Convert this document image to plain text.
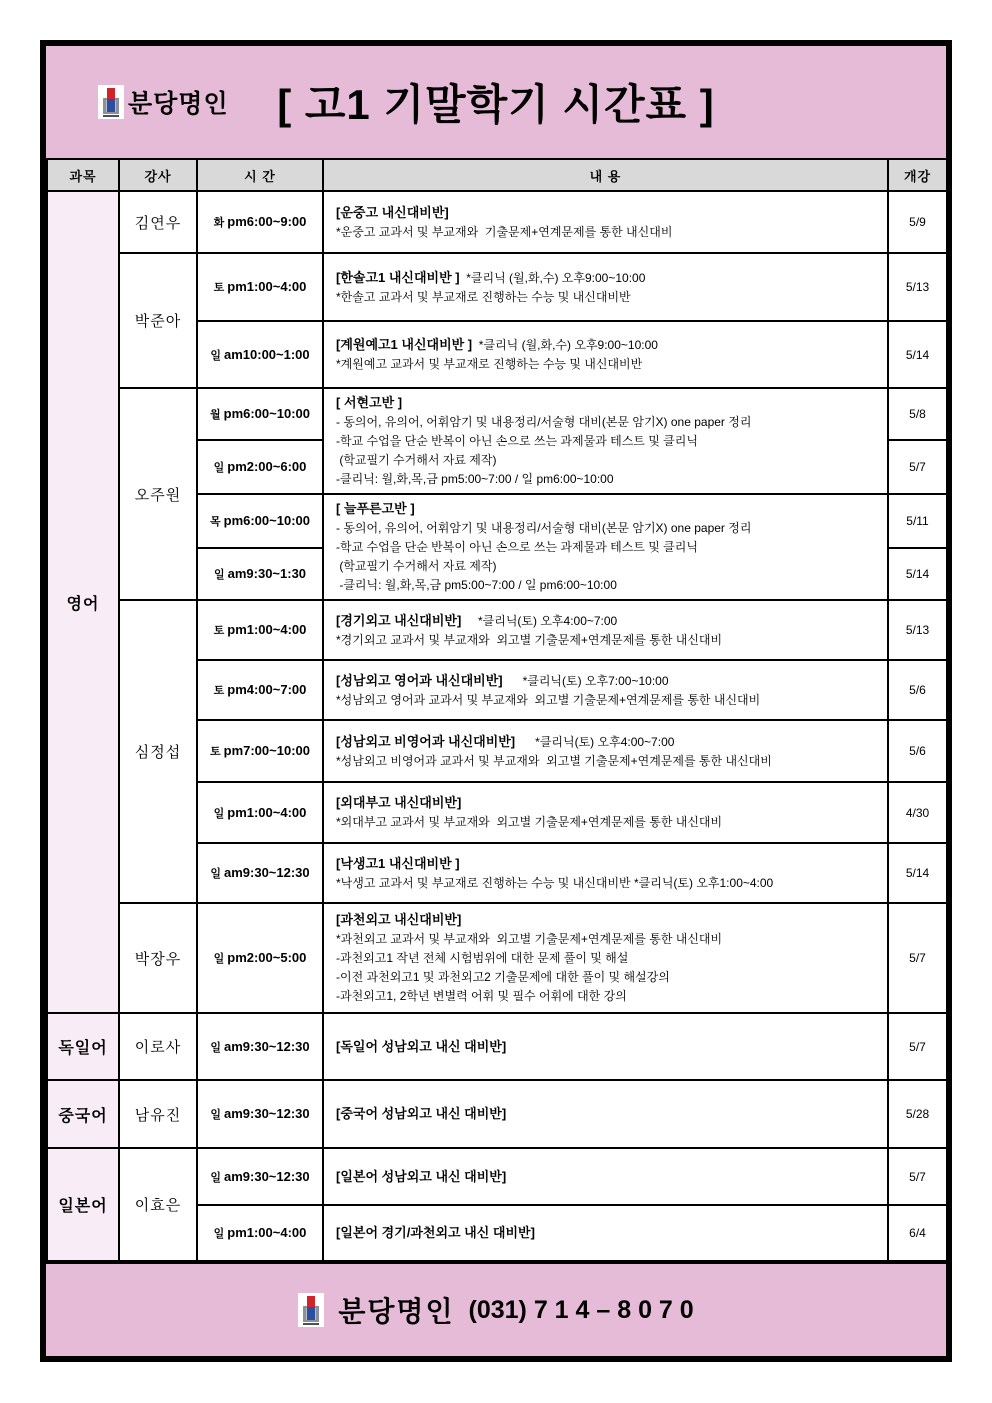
분당명인	[ 고1 기말학기 시간표 ]
과목	강사	시 간	내 용	개강
영어	김연우	화 pm6:00~9:00	[운중고 내신대비반]
*운중고 교과서 및 부교재와  기출문제+연계문제를 통한 내신대비	5/9
	박준아	토 pm1:00~4:00	[한솔고1 내신대비반 ]  *클리닉 (월,화,수) 오후9:00~10:00
*한솔고 교과서 및 부교재로 진행하는 수능 및 내신대비반	5/13
		일 am10:00~1:00	[계원예고1 내신대비반 ]  *클리닉 (월,화,수) 오후9:00~10:00
*계원예고 교과서 및 부교재로 진행하는 수능 및 내신대비반	5/14
	오주원	월 pm6:00~10:00	[ 서현고반 ]
- 동의어, 유의어, 어휘암기 및 내용정리/서술형 대비(본문 암기X) one paper 정리
-학교 수업을 단순 반복이 아닌 손으로 쓰는 과제물과 테스트 및 클리닉
(학교필기 수거해서 자료 제작)
-클리닉: 월,화,목,금 pm5:00~7:00 / 일 pm6:00~10:00	5/8
		일 pm2:00~6:00		5/7
		목 pm6:00~10:00	[ 늘푸른고반 ]
- 동의어, 유의어, 어휘암기 및 내용정리/서술형 대비(본문 암기X) one paper 정리
-학교 수업을 단순 반복이 아닌 손으로 쓰는 과제물과 테스트 및 클리닉
(학교필기 수거해서 자료 제작)
-클리닉: 월,화,목,금 pm5:00~7:00 / 일 pm6:00~10:00	5/11
		일 am9:30~1:30		5/14
	심정섭	토 pm1:00~4:00	[경기외고 내신대비반]     *클리닉(토) 오후4:00~7:00
*경기외고 교과서 및 부교재와  외고별 기출문제+연계문제를 통한 내신대비	5/13
		토 pm4:00~7:00	[성남외고 영어과 내신대비반]      *클리닉(토) 오후7:00~10:00
*성남외고 영어과 교과서 및 부교재와  외고별 기출문제+연계문제를 통한 내신대비	5/6
		토 pm7:00~10:00	[성남외고 비영어과 내신대비반]      *클리닉(토) 오후4:00~7:00
*성남외고 비영어과 교과서 및 부교재와  외고별 기출문제+연계문제를 통한 내신대비	5/6
		일 pm1:00~4:00	[외대부고 내신대비반]
*외대부고 교과서 및 부교재와  외고별 기출문제+연계문제를 통한 내신대비	4/30
		일 am9:30~12:30	[낙생고1 내신대비반 ]
*낙생고 교과서 및 부교재로 진행하는 수능 및 내신대비반 *클리닉(토) 오후1:00~4:00	5/14
	박장우	일 pm2:00~5:00	[과천외고 내신대비반]
*과천외고 교과서 및 부교재와  외고별 기출문제+연계문제를 통한 내신대비
-과천외고1 작년 전체 시험범위에 대한 문제 풀이 및 해설
-이전 과천외고1 및 과천외고2 기출문제에 대한 풀이 및 해설강의
-과천외고1, 2학년 변별력 어휘 및 필수 어휘에 대한 강의	5/7
독일어	이로사	일 am9:30~12:30	[독일어 성남외고 내신 대비반]	5/7
중국어	남유진	일 am9:30~12:30	[중국어 성남외고 내신 대비반]	5/28
일본어	이효은	일 am9:30~12:30	[일본어 성남외고 내신 대비반]	5/7
		일 pm1:00~4:00	[일본어 경기/과천외고 내신 대비반]	6/4
분당명인 (031) 7 1 4 – 8 0 7 0
